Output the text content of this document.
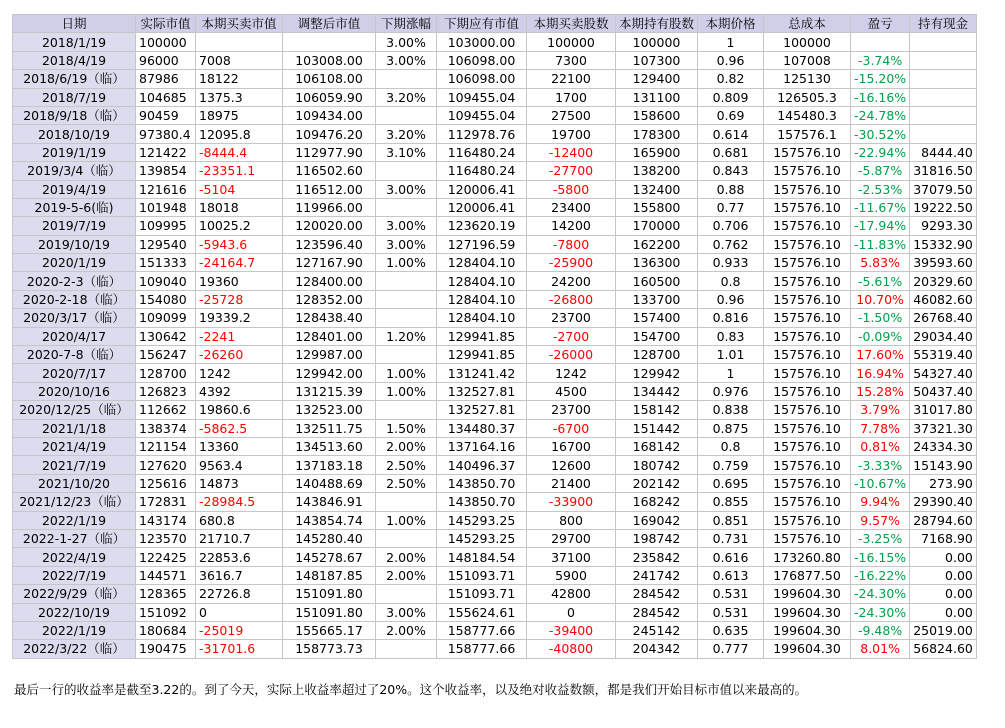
日期	实际市值	本期买卖市值	调整后市值	下期涨幅	下期应有市值	本期买卖股数	本期持有股数	本期价格	总成本	盈亏	持有现金
2018/1/19	100000			3.00%	103000.00	100000	100000	1	100000		
2018/4/19	96000	7008	103008.00	3.00%	106098.00	7300	107300	0.96	107008	-3.74%	
2018/6/19（临）	87986	18122	106108.00		106098.00	22100	129400	0.82	125130	-15.20%	
2018/7/19	104685	1375.3	106059.90	3.20%	109455.04	1700	131100	0.809	126505.3	-16.16%	
2018/9/18（临）	90459	18975	109434.00		109455.04	27500	158600	0.69	145480.3	-24.78%	
2018/10/19	97380.4	12095.8	109476.20	3.20%	112978.76	19700	178300	0.614	157576.1	-30.52%	
2019/1/19	121422	-8444.4	112977.90	3.10%	116480.24	-12400	165900	0.681	157576.10	-22.94%	8444.40
2019/3/4（临）	139854	-23351.1	116502.60		116480.24	-27700	138200	0.843	157576.10	-5.87%	31816.50
2019/4/19	121616	-5104	116512.00	3.00%	120006.41	-5800	132400	0.88	157576.10	-2.53%	37079.50
2019-5-6(临)	101948	18018	119966.00		120006.41	23400	155800	0.77	157576.10	-11.67%	19222.50
2019/7/19	109995	10025.2	120020.00	3.00%	123620.19	14200	170000	0.706	157576.10	-17.94%	9293.30
2019/10/19	129540	-5943.6	123596.40	3.00%	127196.59	-7800	162200	0.762	157576.10	-11.83%	15332.90
2020/1/19	151333	-24164.7	127167.90	1.00%	128404.10	-25900	136300	0.933	157576.10	5.83%	39593.60
2020-2-3（临）	109040	19360	128400.00		128404.10	24200	160500	0.8	157576.10	-5.61%	20329.60
2020-2-18（临）	154080	-25728	128352.00		128404.10	-26800	133700	0.96	157576.10	10.70%	46082.60
2020/3/17（临）	109099	19339.2	128438.40		128404.10	23700	157400	0.816	157576.10	-1.50%	26768.40
2020/4/17	130642	-2241	128401.00	1.20%	129941.85	-2700	154700	0.83	157576.10	-0.09%	29034.40
2020-7-8（临）	156247	-26260	129987.00		129941.85	-26000	128700	1.01	157576.10	17.60%	55319.40
2020/7/17	128700	1242	129942.00	1.00%	131241.42	1242	129942	1	157576.10	16.94%	54327.40
2020/10/16	126823	4392	131215.39	1.00%	132527.81	4500	134442	0.976	157576.10	15.28%	50437.40
2020/12/25（临）	112662	19860.6	132523.00		132527.81	23700	158142	0.838	157576.10	3.79%	31017.80
2021/1/18	138374	-5862.5	132511.75	1.50%	134480.37	-6700	151442	0.875	157576.10	7.78%	37321.30
2021/4/19	121154	13360	134513.60	2.00%	137164.16	16700	168142	0.8	157576.10	0.81%	24334.30
2021/7/19	127620	9563.4	137183.18	2.50%	140496.37	12600	180742	0.759	157576.10	-3.33%	15143.90
2021/10/20	125616	14873	140488.69	2.50%	143850.70	21400	202142	0.695	157576.10	-10.67%	273.90
2021/12/23（临）	172831	-28984.5	143846.91		143850.70	-33900	168242	0.855	157576.10	9.94%	29390.40
2022/1/19	143174	680.8	143854.74	1.00%	145293.25	800	169042	0.851	157576.10	9.57%	28794.60
2022-1-27（临）	123570	21710.7	145280.40		145293.25	29700	198742	0.731	157576.10	-3.25%	7168.90
2022/4/19	122425	22853.6	145278.67	2.00%	148184.54	37100	235842	0.616	173260.80	-16.15%	0.00
2022/7/19	144571	3616.7	148187.85	2.00%	151093.71	5900	241742	0.613	176877.50	-16.22%	0.00
2022/9/29（临）	128365	22726.8	151091.80		151093.71	42800	284542	0.531	199604.30	-24.30%	0.00
2022/10/19	151092	0	151091.80	3.00%	155624.61	0	284542	0.531	199604.30	-24.30%	0.00
2022/1/19	180684	-25019	155665.17	2.00%	158777.66	-39400	245142	0.635	199604.30	-9.48%	25019.00
2022/3/22（临）	190475	-31701.6	158773.73		158777.66	-40800	204342	0.777	199604.30	8.01%	56824.60
最后一行的收益率是截至3.22的。到了今天，实际上收益率超过了20%。这个收益率，以及绝对收益数额，都是我们开始目标市值以来最高的。
